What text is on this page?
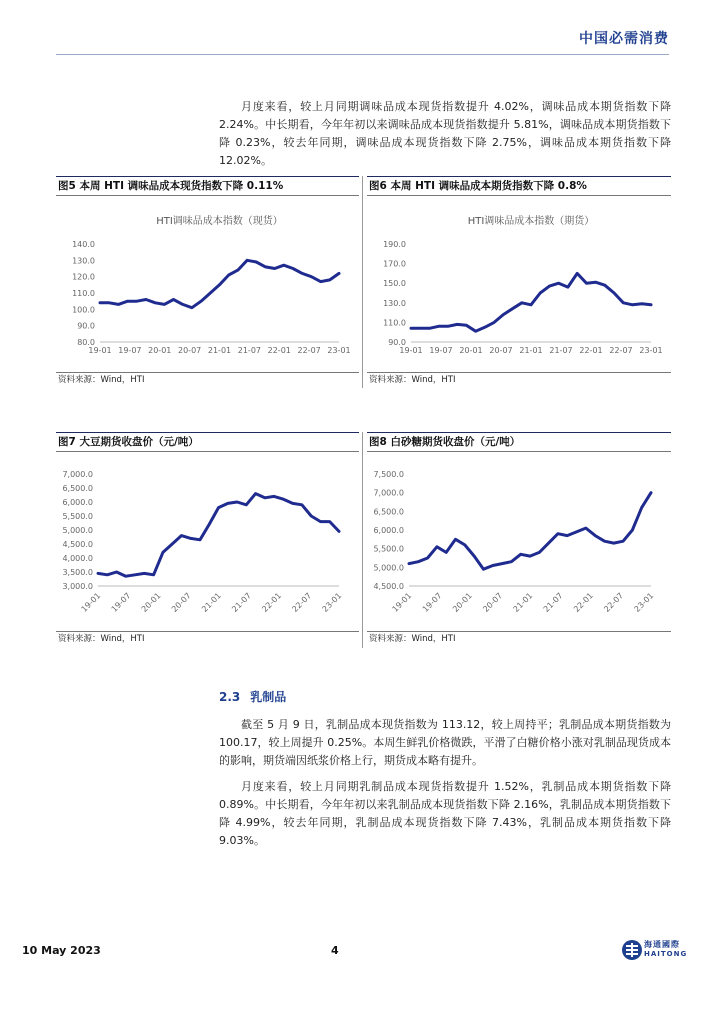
中国必需消费
月度来看，较上月同期调味品成本现货指数提升 4.02%，调味品成本期货指数下降 2.24%。中长期看，今年年初以来调味品成本现货指数提升 5.81%，调味品成本期货指数下降 0.23%，较去年同期，调味品成本现货指数下降 2.75%，调味品成本期货指数下降 12.02%。
图5 本周 HTI 调味品成本现货指数下降 0.11%	图6 本周 HTI 调味品成本期货指数下降 0.8%
HTI调味品成本指数（现货）
80.0
90.0
100.0
110.0
120.0
130.0
140.0
19-01 19-07 20-01 20-07 21-01 21-07 22-01 22-07 23-01
HTI调味品成本指数（期货）
90.0
110.0
130.0
150.0
170.0
190.0
19-01 19-07 20-01 20-07 21-01 21-07 22-01 22-07 23-01
资料来源：Wind，HTI	资料来源：Wind，HTI
图7 大豆期货收盘价（元/吨）	图8 白砂糖期货收盘价（元/吨）
3,000.0
3,500.0
4,000.0
4,500.0
5,000.0
5,500.0
6,000.0
6,500.0
7,000.0
19-01 19-07 20-01 20-07 21-01 21-07 22-01 22-07 23-01
4,500.0
5,000.0
5,500.0
6,000.0
6,500.0
7,000.0
7,500.0
19-01 19-07 20-01 20-07 21-01 21-07 22-01 22-07 23-01
资料来源：Wind，HTI	资料来源：Wind，HTI
2.3 乳制品
截至 5 月 9 日，乳制品成本现货指数为 113.12，较上周持平；乳制品成本期货指数为 100.17，较上周提升 0.25%。本周生鲜乳价格微跌，平滑了白糖价格小涨对乳制品现货成本的影响，期货端因纸浆价格上行，期货成本略有提升。
月度来看，较上月同期乳制品成本现货指数提升 1.52%，乳制品成本期货指数下降 0.89%。中长期看，今年年初以来乳制品成本现货指数下降 2.16%，乳制品成本期货指数下降 4.99%，较去年同期，乳制品成本现货指数下降 7.43%，乳制品成本期货指数下降 9.03%。
10 May 2023	4	海通國際
HAITONG
